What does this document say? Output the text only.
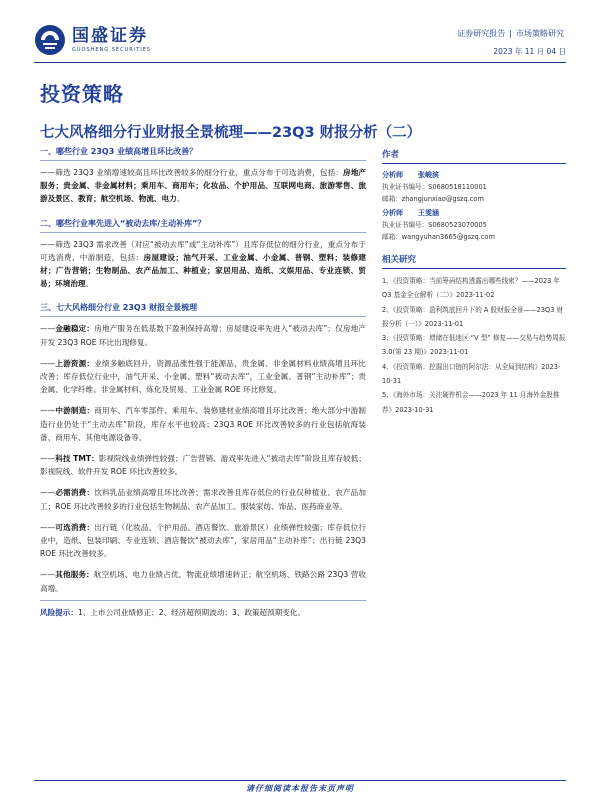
国盛证券
GUOSHENG SECURITIES
证券研究报告 | 市场策略研究
2023 年 11 月 04 日
投资策略
七大风格细分行业财报全景梳理——23Q3 财报分析（二）
一、哪些行业 23Q3 业绩高增且环比改善？
——筛选 23Q3 业绩增速较高且环比改善较多的细分行业，重点分布于可选消费，包括：房地产服务；贵金属、非金属材料；乘用车、商用车；化妆品、个护用品、互联网电商、旅游零售、旅游及景区、教育；航空机场、物流、电力。
二、哪些行业率先进入“被动去库/主动补库”？
——筛选 23Q3 需求改善（对应“被动去库”或“主动补库”）且库存低位的细分行业，重点分布于可选消费、中游制造，包括：房屋建设；油气开采、工业金属、小金属、普钢、塑料；装修建材；广告营销；生物制品、农产品加工、种植业；家居用品、造纸、文娱用品、专业连锁、贸易；环境治理。
三、七大风格细分行业 23Q3 财报全景梳理
——金融稳定：房地产服务在低基数下盈利保持高增；房屋建设率先进入“被动去库”；仅房地产开发 23Q3 ROE 环比出现修复。
——上游资源：业绩多触底回升，资源品涨性强于能源品，贵金属、非金属材料业绩高增且环比改善；库存低位行业中，油气开采、小金属、塑料“被动去库”，工业金属、普钢“主动补库”；贵金属、化学纤维、非金属材料、炼化及贸易、工业金属 ROE 环比修复。
——中游制造：商用车、汽车零部件、乘用车、装修建材业绩高增且环比改善；绝大部分中游制造行业仍处于“主动去库”阶段，库存水平也较高；23Q3 ROE 环比改善较多的行业包括航海装备、商用车、其他电源设备等。
——科技 TMT：影视院线业绩弹性较强；广告营销、游戏率先进入“被动去库”阶段且库存较低；影视院线、软件开发 ROE 环比改善较多。
——必需消费：饮料乳品业绩高增且环比改善；需求改善且库存低位的行业仅种植业、农产品加工；ROE 环比改善较多的行业包括生物制品、农产品加工、服装家纺、饰品、医药商业等。
——可选消费：出行链（化妆品、个护用品、酒店餐饮、旅游景区）业绩弹性较强；库存低位行业中，造纸、包装印刷、专业连锁、酒店餐饮“被动去库”，家居用品“主动补库”；出行链 23Q3 ROE 环比改善较多。
——其他服务：航空机场、电力业绩占优，物流业绩增速转正；航空机场、铁路公路 23Q3 营收高增。
风险提示：1、上市公司业绩修正；2、经济超预期波动；3、政策超预期变化。
作者
分析师	张峻滨
执业证书编号：S0680518110001
邮箱：zhangjunxiao@gszq.com
分析师	王雯涵
执业证书编号：S0680523070005
邮箱：wangyuhan3665@gszq.com
相关研究
1、《投资策略：当前筹码结构透露出哪些线索？——2023 年 Q3 基金全仓解析（二）》2023-11-02
2、《投资策略：盈利筑底回升下的 A 股财报全景——23Q3 财报分析（一）》2023-11-01
3、《投资策略：增储在低迷区 “V 型” 修复——交易与趋势周报 3.0(第 23 期)》2023-11-01
4、《投资策略：挖掘出口链的阿尔法：从全局到结构》2023-10-31
5、《海外市场：关注硬件机会——2023 年 11 月海外金股推荐》2023-10-31
请仔细阅读本报告末页声明
